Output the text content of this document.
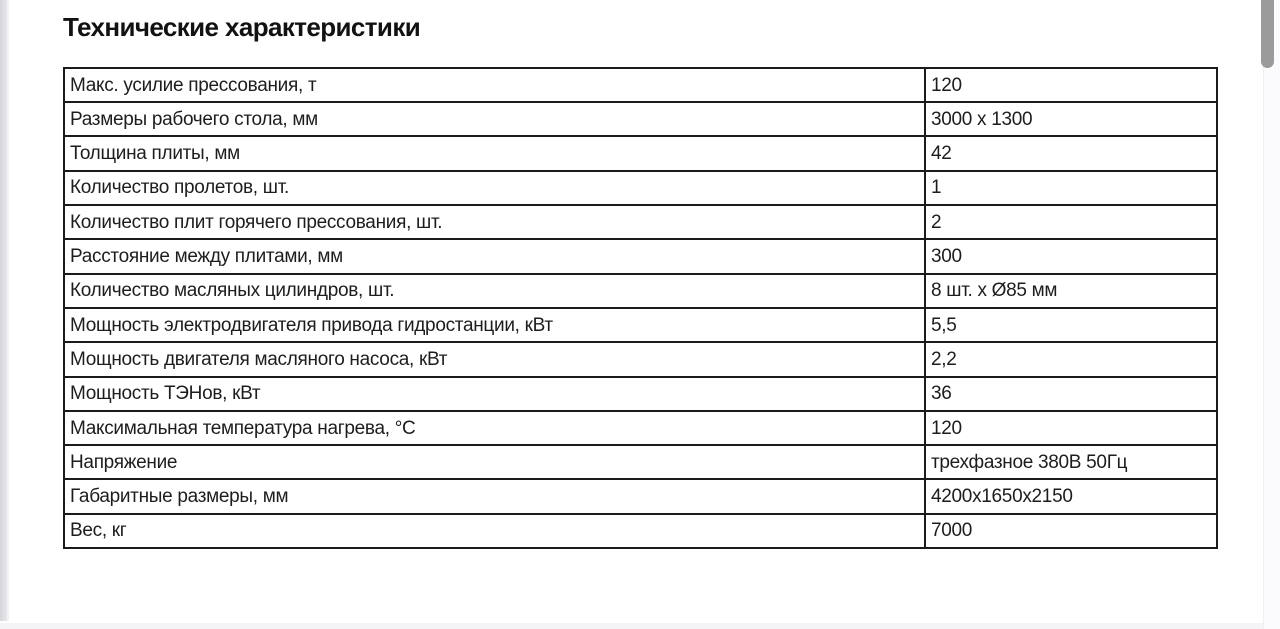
Технические характеристики
Макс. усилие прессования, т	120
Размеры рабочего стола, мм	3000 x 1300
Толщина плиты, мм	42
Количество пролетов, шт.	1
Количество плит горячего прессования, шт.	2
Расстояние между плитами, мм	300
Количество масляных цилиндров, шт.	8 шт. х Ø85 мм
Мощность электродвигателя привода гидростанции, кВт	5,5
Мощность двигателя масляного насоса, кВт	2,2
Мощность ТЭНов, кВт	36
Максимальная температура нагрева, °С	120
Напряжение	трехфазное 380В 50Гц
Габаритные размеры, мм	4200x1650x2150
Вес, кг	7000
